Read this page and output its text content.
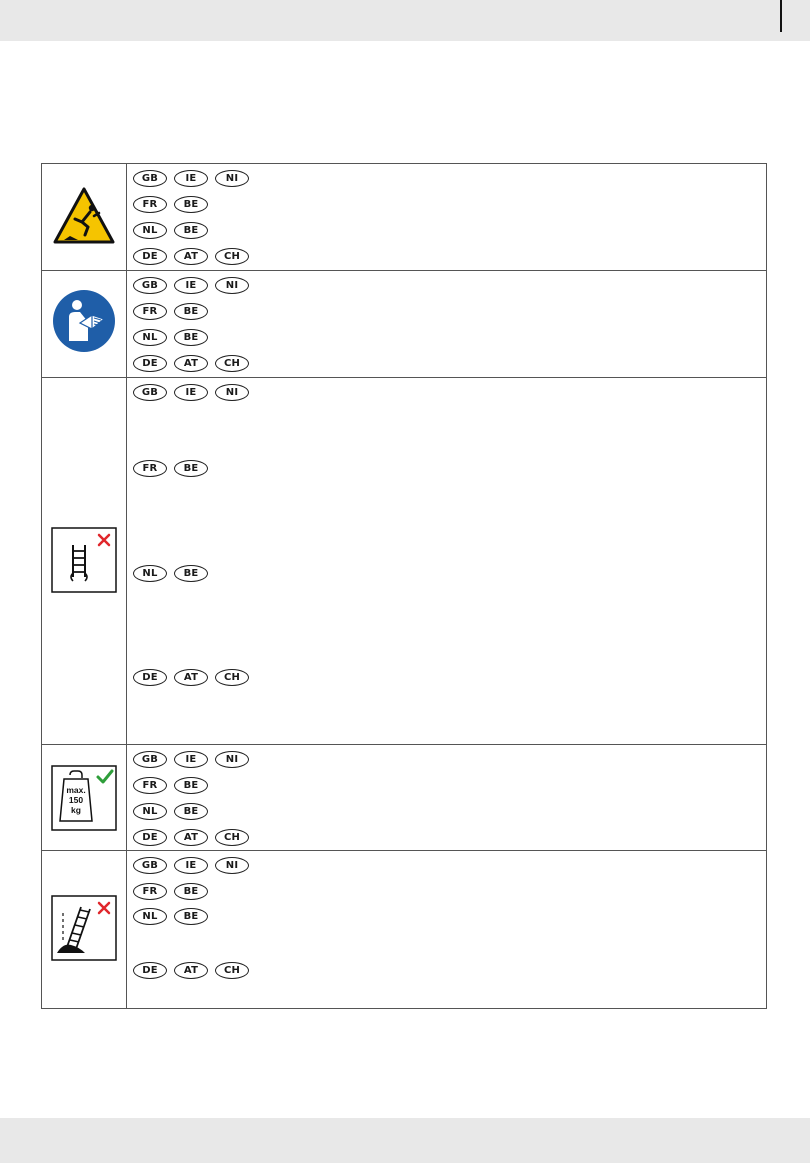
GB	IE	NI
FR	BE
NL	BE
DE	AT	CH
GB	IE	NI
FR	BE
NL	BE
DE	AT	CH
GB	IE	NI
FR	BE
NL	BE
DE	AT	CH
max.
150
kg
GB	IE	NI
FR	BE
NL	BE
DE	AT	CH
GB	IE	NI
FR	BE
NL	BE
DE	AT	CH
